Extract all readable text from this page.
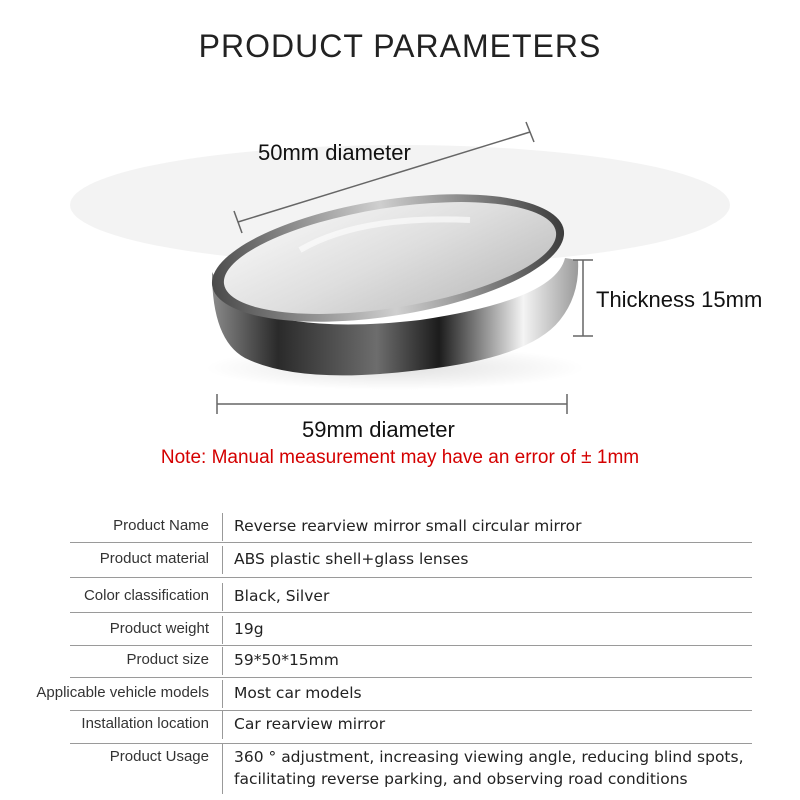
PRODUCT PARAMETERS
50mm diameter
Thickness 15mm
59mm diameter
Note: Manual measurement may have an error of ± 1mm
Product Name Reverse rearview mirror small circular mirror
Product material ABS plastic shell+glass lenses
Color classification Black, Silver
Product weight 19g
Product size 59*50*15mm
Applicable vehicle models Most car models
Installation location Car rearview mirror
Product Usage 360 ° adjustment, increasing viewing angle, reducing blind spots, facilitating reverse parking, and observing road conditions
